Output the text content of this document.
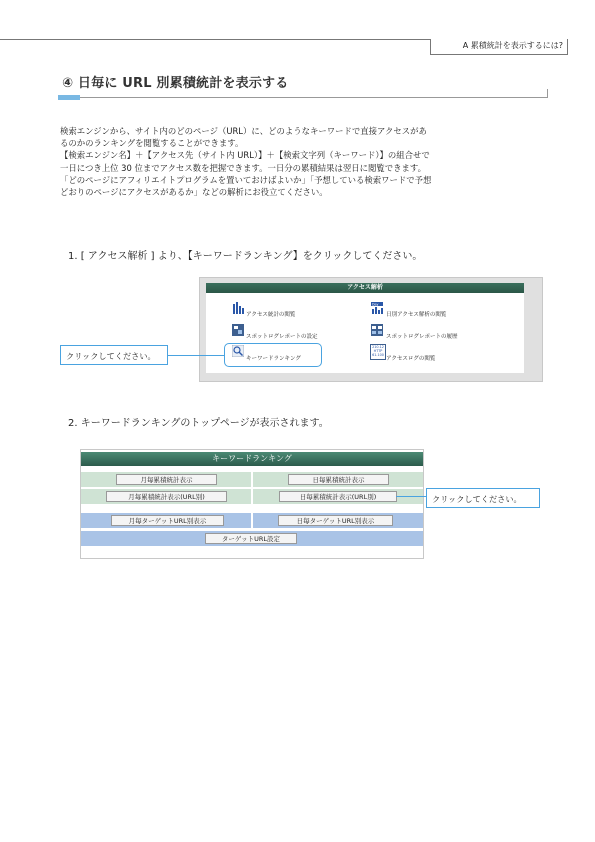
A 累積統計を表示するには?
④ 日毎に URL 別累積統計を表示する
検索エンジンから、サイト内のどのページ（URL）に、どのようなキーワードで直接アクセスがあ
るのかのランキングを閲覧することができます。
【検索エンジン名】＋【アクセス先（サイト内 URL）】＋【検索文字列（キーワード）】の組合せで
一日につき上位 30 位までアクセス数を把握できます。一日分の累積結果は翌日に閲覧できます。
「どのページにアフィリエイトプログラムを置いておけばよいか」「予想している検索ワードで予想
どおりのページにアクセスがあるか」などの解析にお役立てください。
1. [ アクセス解析 ] より、【キーワードランキング】をクリックしてください。
アクセス解析
アクセス統計の閲覧
スポットログレポートの設定
キーワードランキング
Day
日別アクセス解析の閲覧
スポットログレポートの履歴
210.12
HTTP
61.100
アクセスログの閲覧
クリックしてください。
2. キーワードランキングのトップページが表示されます。
キーワードランキング
月毎累積統計表示	日毎累積統計表示
月毎累積統計表示(URL別)	日毎累積統計表示(URL別)
月毎ターゲットURL別表示	日毎ターゲットURL別表示
ターゲットURL設定
クリックしてください。
